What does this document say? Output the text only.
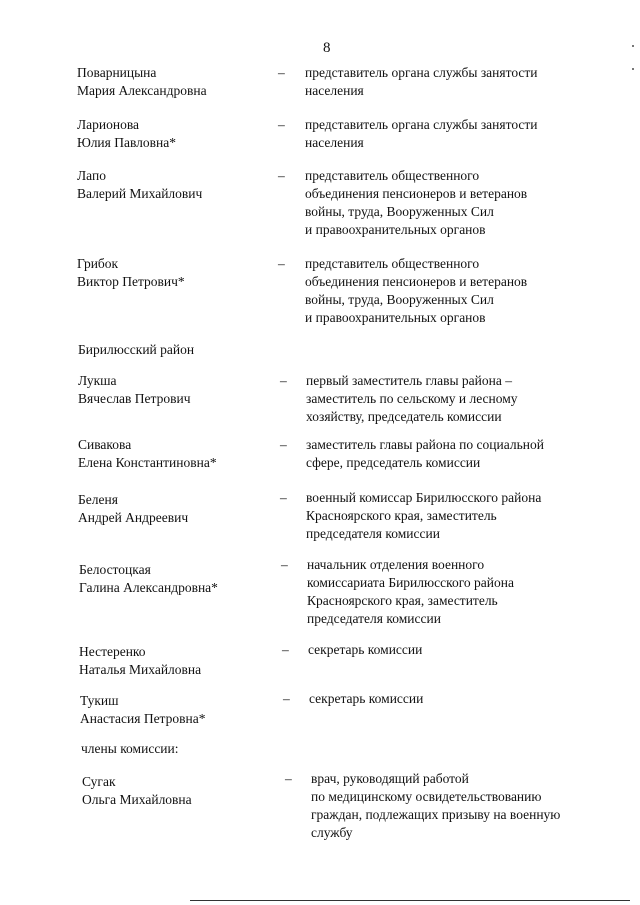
8
Поварницына
Мария Александровна
– представитель органа службы занятости
населения
Ларионова
Юлия Павловна*
– представитель органа службы занятости
населения
Лапо
Валерий Михайлович
– представитель общественного
объединения пенсионеров и ветеранов
войны, труда, Вооруженных Сил
и правоохранительных органов
Грибок
Виктор Петрович*
– представитель общественного
объединения пенсионеров и ветеранов
войны, труда, Вооруженных Сил
и правоохранительных органов
Бирилюсский район
Лукша
Вячеслав Петрович
– первый заместитель главы района –
заместитель по сельскому и лесному
хозяйству, председатель комиссии
Сивакова
Елена Константиновна*
– заместитель главы района по социальной
сфере, председатель комиссии
Беленя
Андрей Андреевич
– военный комиссар Бирилюсского района
Красноярского края, заместитель
председателя комиссии
Белостоцкая
Галина Александровна*
– начальник отделения военного
комиссариата Бирилюсского района
Красноярского края, заместитель
председателя комиссии
Нестеренко
Наталья Михайловна
– секретарь комиссии
Тукиш
Анастасия Петровна*
– секретарь комиссии
члены комиссии:
Сугак
Ольга Михайловна
– врач, руководящий работой
по медицинскому освидетельствованию
граждан, подлежащих призыву на военную
службу
